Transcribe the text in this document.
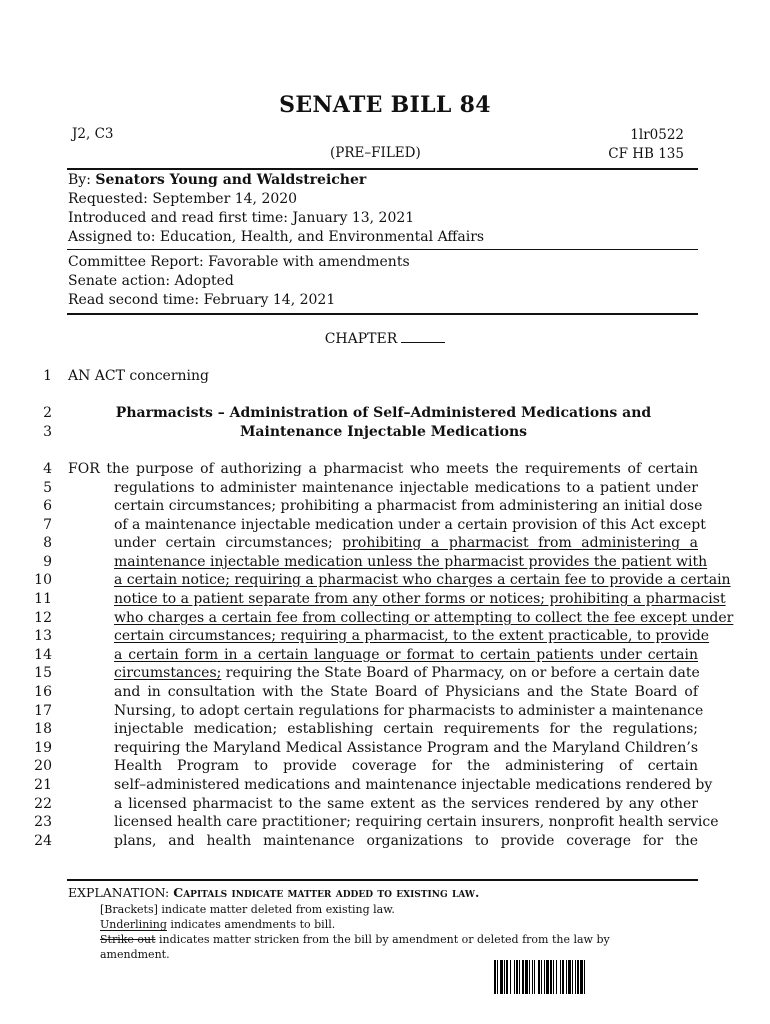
SENATE BILL 84
J2, C3	1lr0522
CF HB 135
(PRE–FILED)
By: Senators Young and Waldstreicher
Requested: September 14, 2020
Introduced and read first time: January 13, 2021
Assigned to: Education, Health, and Environmental Affairs
Committee Report: Favorable with amendments
Senate action: Adopted
Read second time: February 14, 2021
CHAPTER
1
2
3
4
5
6
7
8
9
10
11
12
13
14
15
16
17
18
19
20
21
22
23
24
AN ACT concerning
Pharmacists – Administration of Self–Administered Medications and
Maintenance Injectable Medications
FOR the purpose of authorizing a pharmacist who meets the requirements of certain
regulations to administer maintenance injectable medications to a patient under
certain circumstances; prohibiting a pharmacist from administering an initial dose
of a maintenance injectable medication under a certain provision of this Act except
under certain circumstances; prohibiting a pharmacist from administering a
maintenance injectable medication unless the pharmacist provides the patient with
a certain notice; requiring a pharmacist who charges a certain fee to provide a certain
notice to a patient separate from any other forms or notices; prohibiting a pharmacist
who charges a certain fee from collecting or attempting to collect the fee except under
certain circumstances; requiring a pharmacist, to the extent practicable, to provide
a certain form in a certain language or format to certain patients under certain
circumstances; requiring the State Board of Pharmacy, on or before a certain date
and in consultation with the State Board of Physicians and the State Board of
Nursing, to adopt certain regulations for pharmacists to administer a maintenance
injectable medication; establishing certain requirements for the regulations;
requiring the Maryland Medical Assistance Program and the Maryland Children’s
Health Program to provide coverage for the administering of certain
self–administered medications and maintenance injectable medications rendered by
a licensed pharmacist to the same extent as the services rendered by any other
licensed health care practitioner; requiring certain insurers, nonprofit health service
plans, and health maintenance organizations to provide coverage for the
EXPLANATION: Capitals indicate matter added to existing law.
[Brackets] indicate matter deleted from existing law.
Underlining indicates amendments to bill.
Strike out indicates matter stricken from the bill by amendment or deleted from the law by
amendment.
